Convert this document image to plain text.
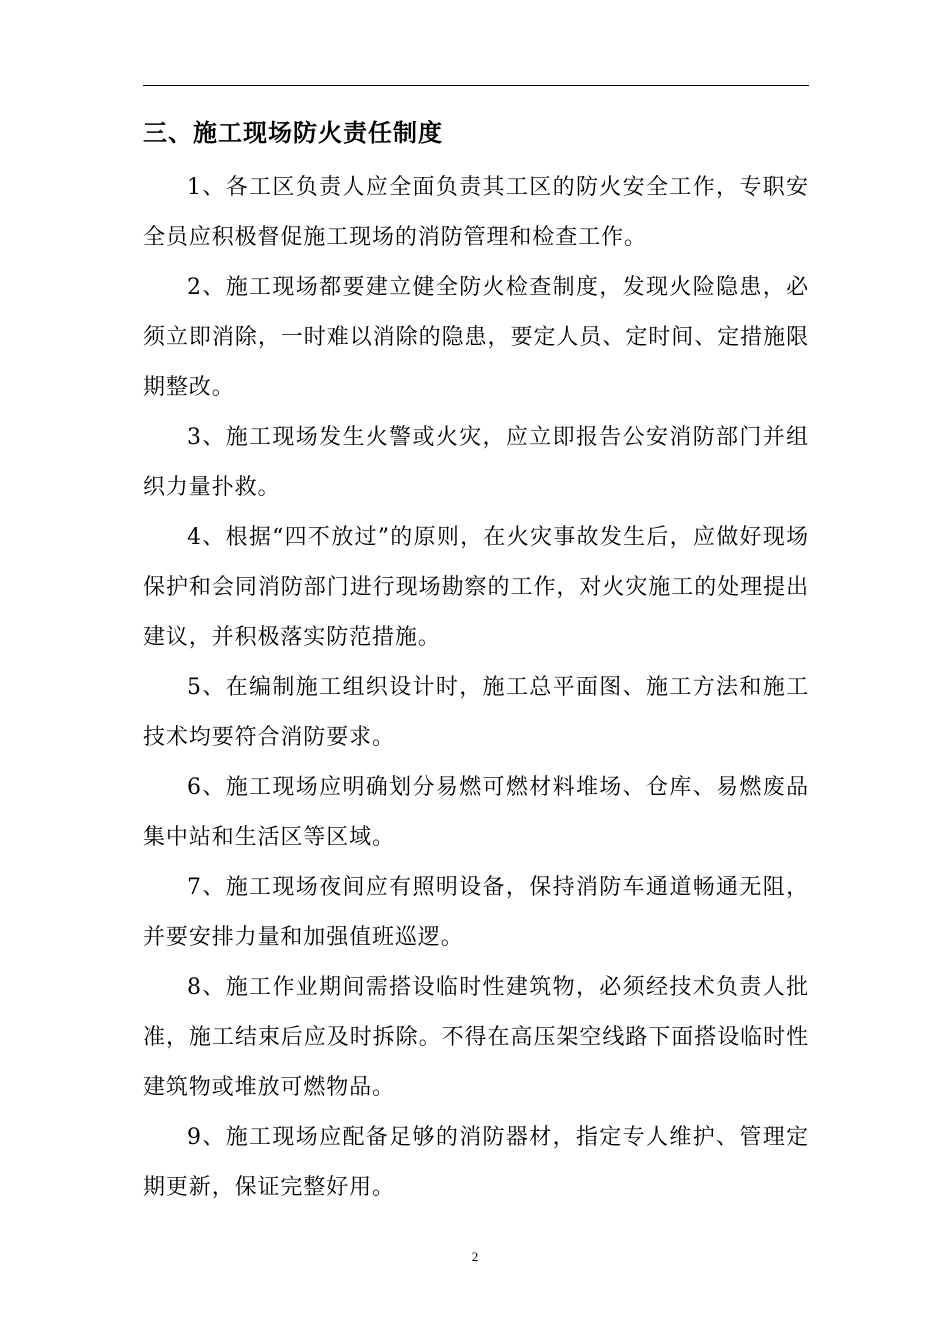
三、施工现场防火责任制度

1、各工区负责人应全面负责其工区的防火安全工作，专职安全员应积极督促施工现场的消防管理和检查工作。

2、施工现场都要建立健全防火检查制度，发现火险隐患，必须立即消除，一时难以消除的隐患，要定人员、定时间、定措施限期整改。

3、施工现场发生火警或火灾，应立即报告公安消防部门并组织力量扑救。

4、根据“四不放过”的原则，在火灾事故发生后，应做好现场保护和会同消防部门进行现场勘察的工作，对火灾施工的处理提出建议，并积极落实防范措施。

5、在编制施工组织设计时，施工总平面图、施工方法和施工技术均要符合消防要求。

6、施工现场应明确划分易燃可燃材料堆场、仓库、易燃废品集中站和生活区等区域。

7、施工现场夜间应有照明设备，保持消防车通道畅通无阻，并要安排力量和加强值班巡逻。

8、施工作业期间需搭设临时性建筑物，必须经技术负责人批准，施工结束后应及时拆除。不得在高压架空线路下面搭设临时性建筑物或堆放可燃物品。

9、施工现场应配备足够的消防器材，指定专人维护、管理定期更新，保证完整好用。

2
